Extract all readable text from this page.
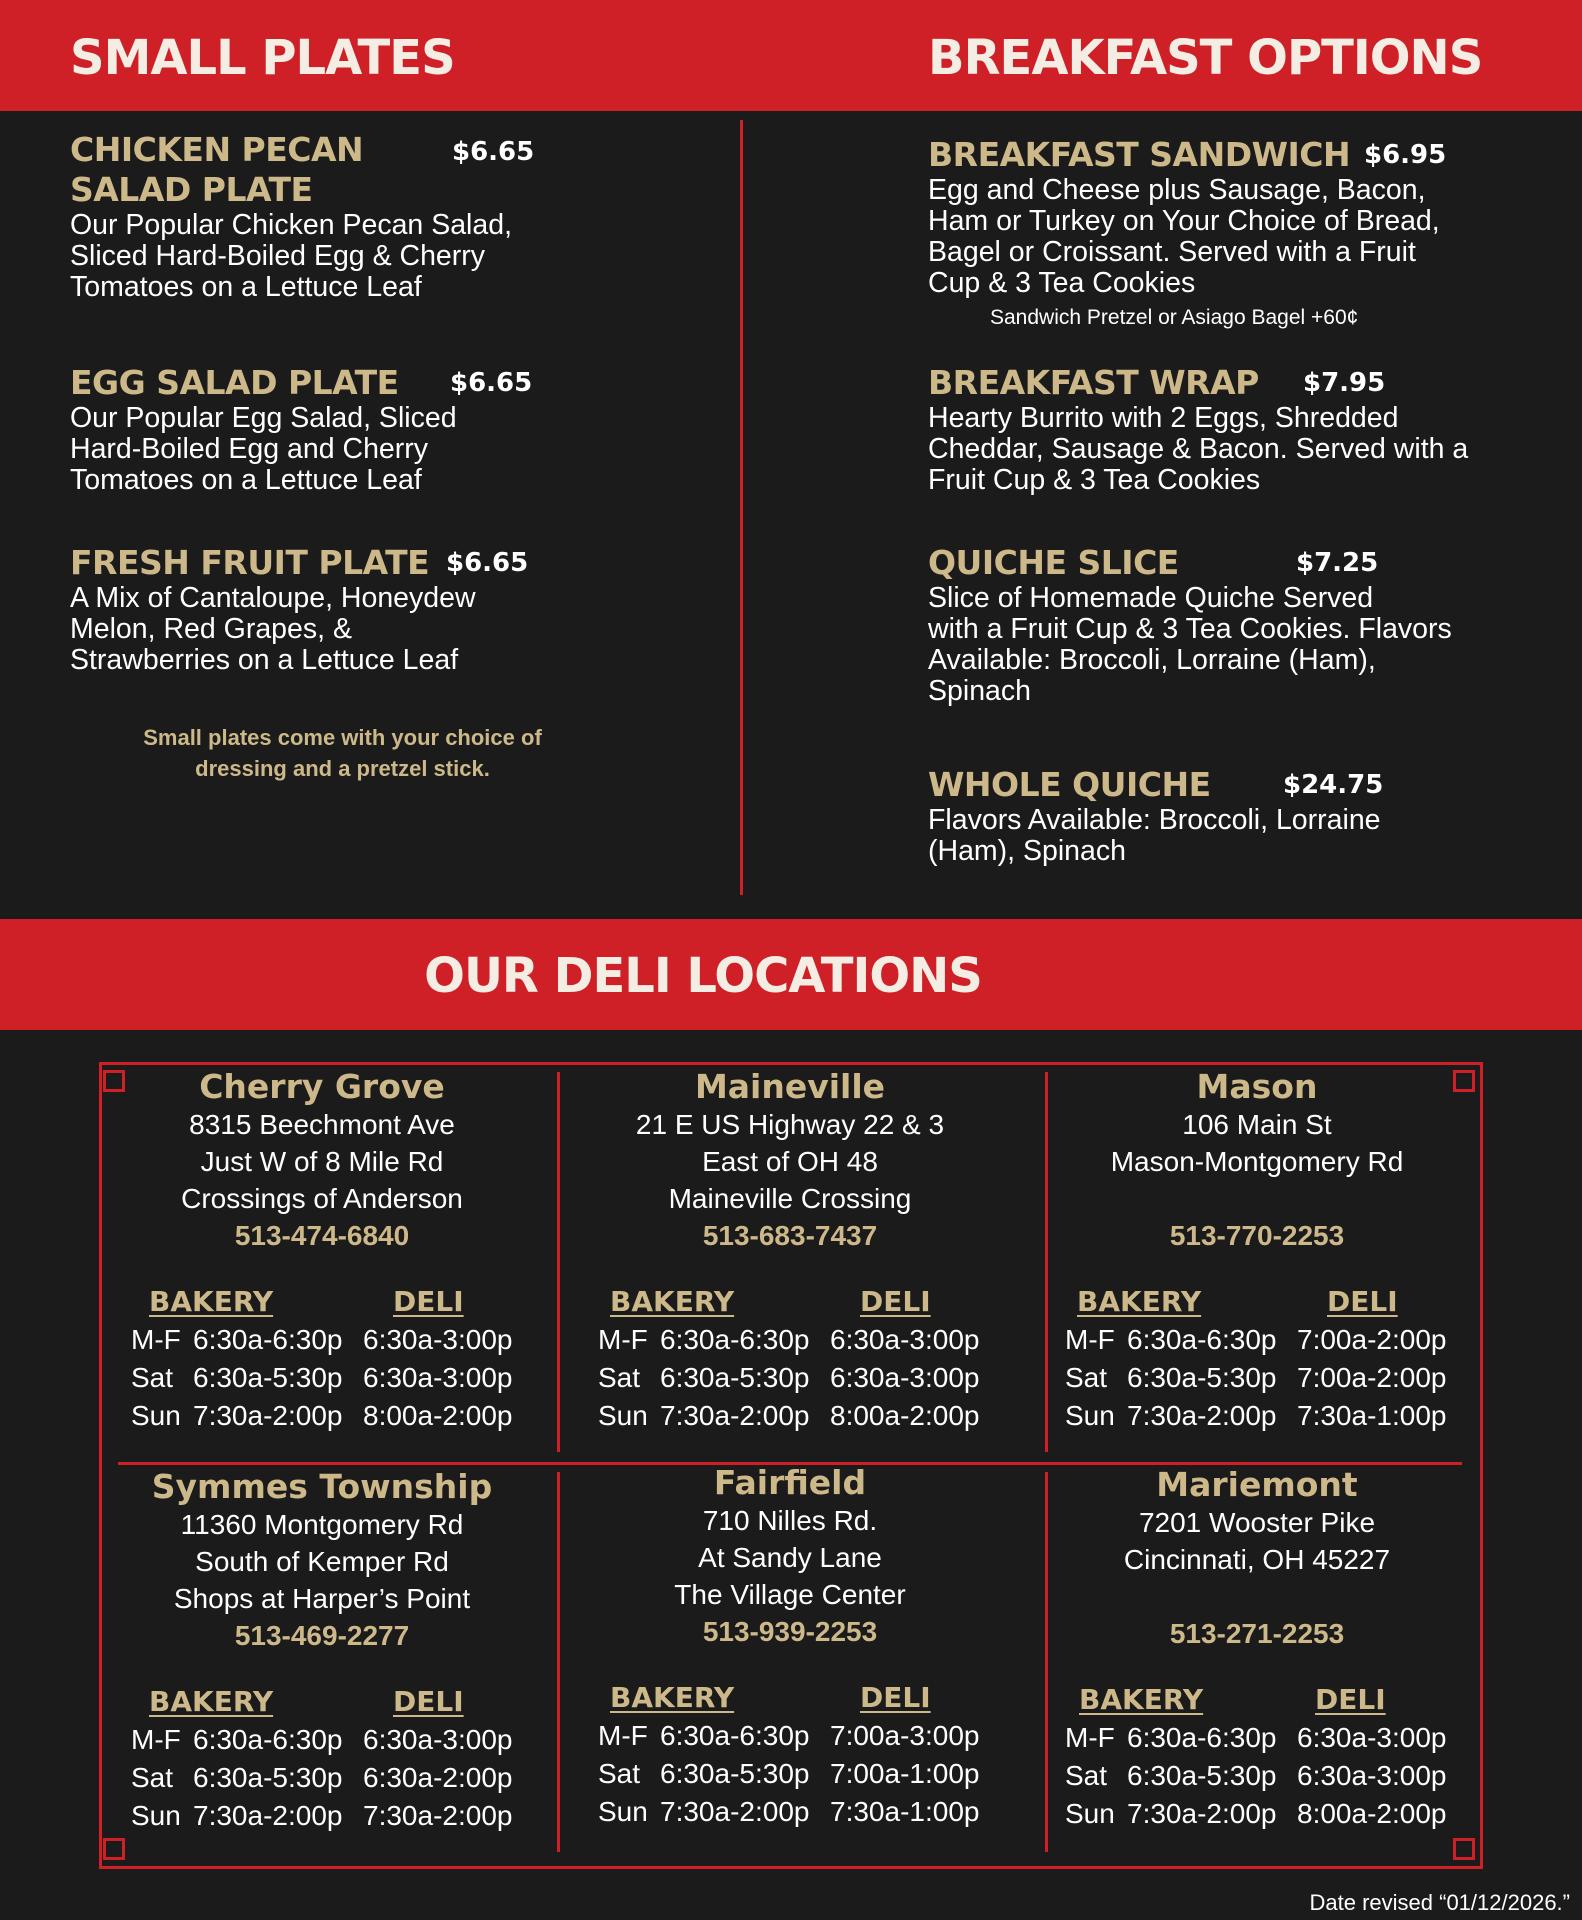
SMALL PLATES	BREAKFAST OPTIONS
CHICKEN PECAN
SALAD PLATE
$6.65
Our Popular Chicken Pecan Salad,
Sliced Hard-Boiled Egg & Cherry
Tomatoes on a Lettuce Leaf
EGG SALAD PLATE	$6.65
Our Popular Egg Salad, Sliced
Hard-Boiled Egg and Cherry
Tomatoes on a Lettuce Leaf
FRESH FRUIT PLATE $6.65
A Mix of Cantaloupe, Honeydew
Melon, Red Grapes, &
Strawberries on a Lettuce Leaf
Small plates come with your choice of
dressing and a pretzel stick.
BREAKFAST SANDWICH $6.95
Egg and Cheese plus Sausage, Bacon,
Ham or Turkey on Your Choice of Bread,
Bagel or Croissant. Served with a Fruit
Cup & 3 Tea Cookies
Sandwich Pretzel or Asiago Bagel +60¢
BREAKFAST WRAP	$7.95
Hearty Burrito with 2 Eggs, Shredded
Cheddar, Sausage & Bacon. Served with a
Fruit Cup & 3 Tea Cookies
QUICHE SLICE	$7.25
Slice of Homemade Quiche Served
with a Fruit Cup & 3 Tea Cookies. Flavors
Available: Broccoli, Lorraine (Ham),
Spinach
WHOLE QUICHE	$24.75
Flavors Available: Broccoli, Lorraine
(Ham), Spinach
OUR DELI LOCATIONS
Cherry Grove
8315 Beechmont Ave
Just W of 8 Mile Rd
Crossings of Anderson
513-474-6840
BAKERY	DELI
M-F 6:30a-6:30p 6:30a-3:00p
Sat 6:30a-5:30p 6:30a-3:00p
Sun 7:30a-2:00p 8:00a-2:00p
Maineville
21 E US Highway 22 & 3
East of OH 48
Maineville Crossing
513-683-7437
BAKERY	DELI
M-F 6:30a-6:30p 6:30a-3:00p
Sat 6:30a-5:30p 6:30a-3:00p
Sun 7:30a-2:00p 8:00a-2:00p
Mason
106 Main St
Mason-Montgomery Rd
513-770-2253
BAKERY	DELI
M-F 6:30a-6:30p 7:00a-2:00p
Sat 6:30a-5:30p 7:00a-2:00p
Sun 7:30a-2:00p 7:30a-1:00p
Symmes Township
11360 Montgomery Rd
South of Kemper Rd
Shops at Harper’s Point
513-469-2277
BAKERY	DELI
M-F 6:30a-6:30p 6:30a-3:00p
Sat 6:30a-5:30p 6:30a-2:00p
Sun 7:30a-2:00p 7:30a-2:00p
Fairfield
710 Nilles Rd.
At Sandy Lane
The Village Center
513-939-2253
BAKERY	DELI
M-F 6:30a-6:30p 7:00a-3:00p
Sat 6:30a-5:30p 7:00a-1:00p
Sun 7:30a-2:00p 7:30a-1:00p
Mariemont
7201 Wooster Pike
Cincinnati, OH 45227
513-271-2253
BAKERY	DELI
M-F 6:30a-6:30p 6:30a-3:00p
Sat 6:30a-5:30p 6:30a-3:00p
Sun 7:30a-2:00p 8:00a-2:00p
Date revised “01/12/2026.”
